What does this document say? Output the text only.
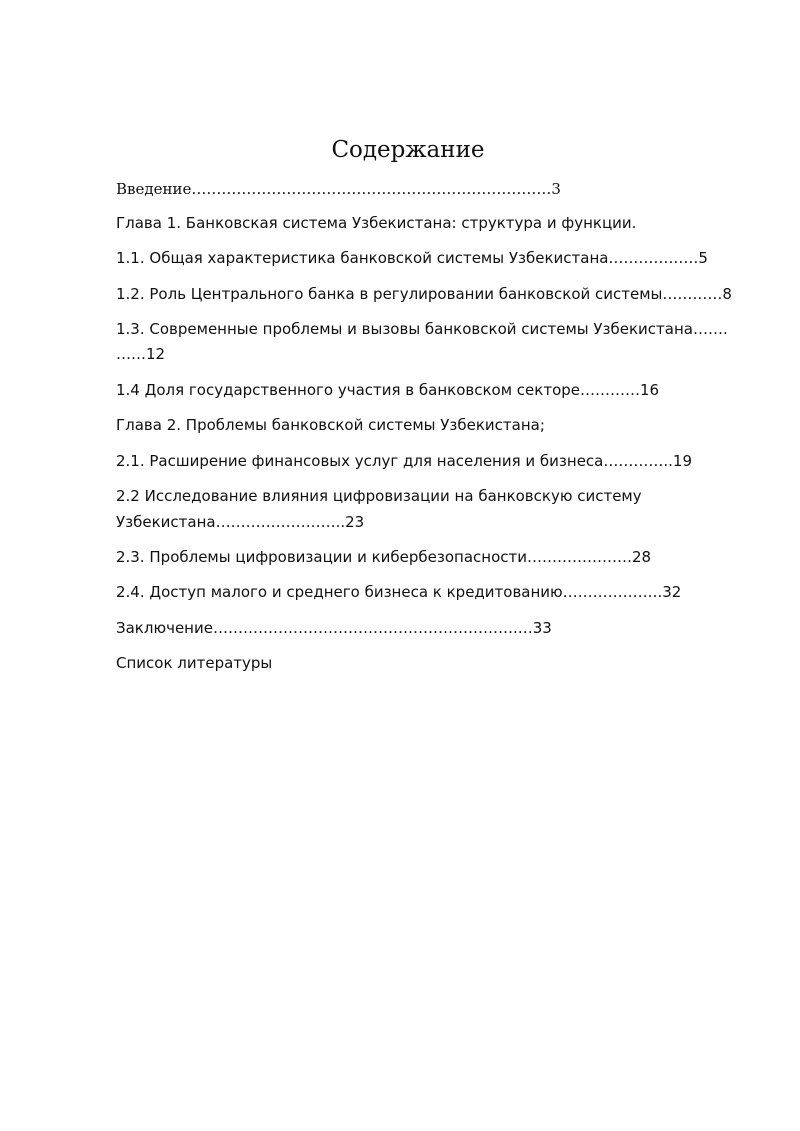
Содержание
Введение………………………………………………………………3
Глава 1. Банковская система Узбекистана: структура и функции.
1.1. Общая характеристика банковской системы Узбекистана………………5
1.2. Роль Центрального банка в регулировании банковской системы…………8
1.3. Современные проблемы и вызовы банковской системы Узбекистана…….
……12
1.4 Доля государственного участия в банковском секторе…………16
Глава 2. Проблемы банковской системы Узбекистана;
2.1. Расширение финансовых услуг для населения и бизнеса…………..19
2.2 Исследование влияния цифровизации на банковскую систему
Узбекистана……………………..23
2.3. Проблемы цифровизации и кибербезопасности…………………28
2.4. Доступ малого и среднего бизнеса к кредитованию………………..32
Заключение…………………………………………………….…33
Список литературы
